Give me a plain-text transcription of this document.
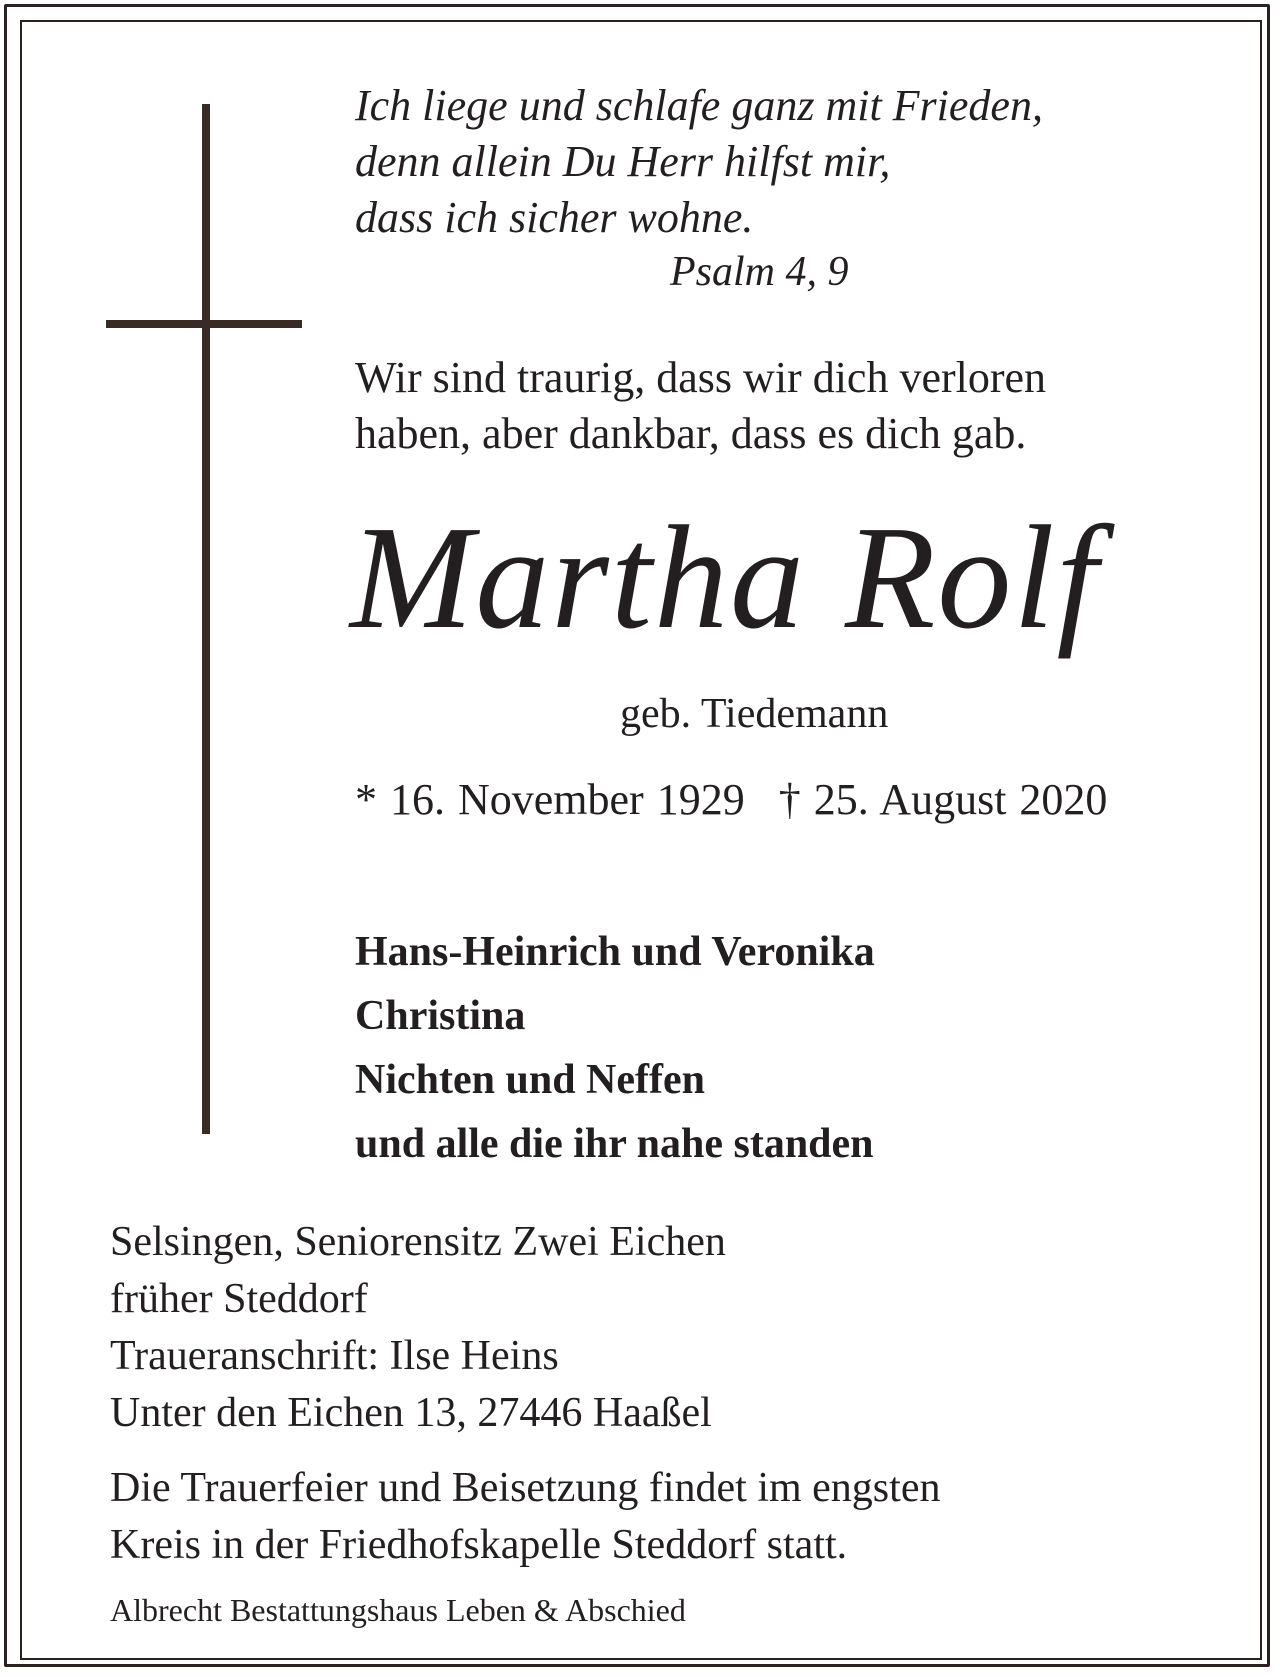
Ich liege und schlafe ganz mit Frieden,
denn allein Du Herr hilfst mir,
dass ich sicher wohne.
Psalm 4, 9
Wir sind traurig, dass wir dich verloren
haben, aber dankbar, dass es dich gab.
Martha Rolf
geb. Tiedemann
* 16. November 1929 † 25. August 2020
Hans-Heinrich und Veronika
Christina
Nichten und Neffen
und alle die ihr nahe standen
Selsingen, Seniorensitz Zwei Eichen
früher Steddorf
Traueranschrift: Ilse Heins
Unter den Eichen 13, 27446 Haaßel
Die Trauerfeier und Beisetzung findet im engsten
Kreis in der Friedhofskapelle Steddorf statt.
Albrecht Bestattungshaus Leben & Abschied
